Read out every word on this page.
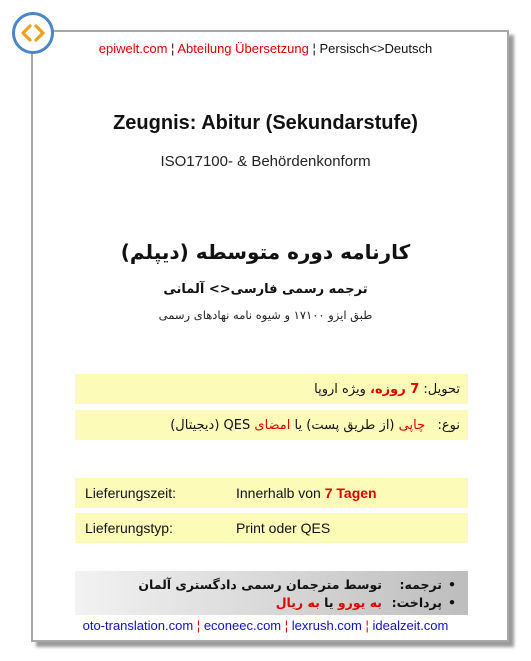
epiwelt.com ¦ Abteilung Übersetzung ¦ Persisch<>Deutsch
Zeugnis: Abitur (Sekundarstufe)
ISO17100- & Behördenkonform
کارنامه دوره متوسطه (دیپلم)
ترجمه رسمی فارسی<> آلمانی
طبق ایزو ۱۷۱۰۰ و شیوه نامه نهادهای رسمی
تحویل:

7 روزه،

ویژه اروپا
نوع:

چاپی

(از طریق پست) یا

امضای

QES (دیجیتال)
Lieferungszeit:	Innerhalb von 7 Tagen
Lieferungstyp:	Print oder QES
•
ترجمه:
توسط مترجمان رسمی دادگستری آلمان
•
پرداخت:
به یورو

یا

به ریال
oto-translation.com ¦ econeec.com ¦ lexrush.com ¦ idealzeit.com
